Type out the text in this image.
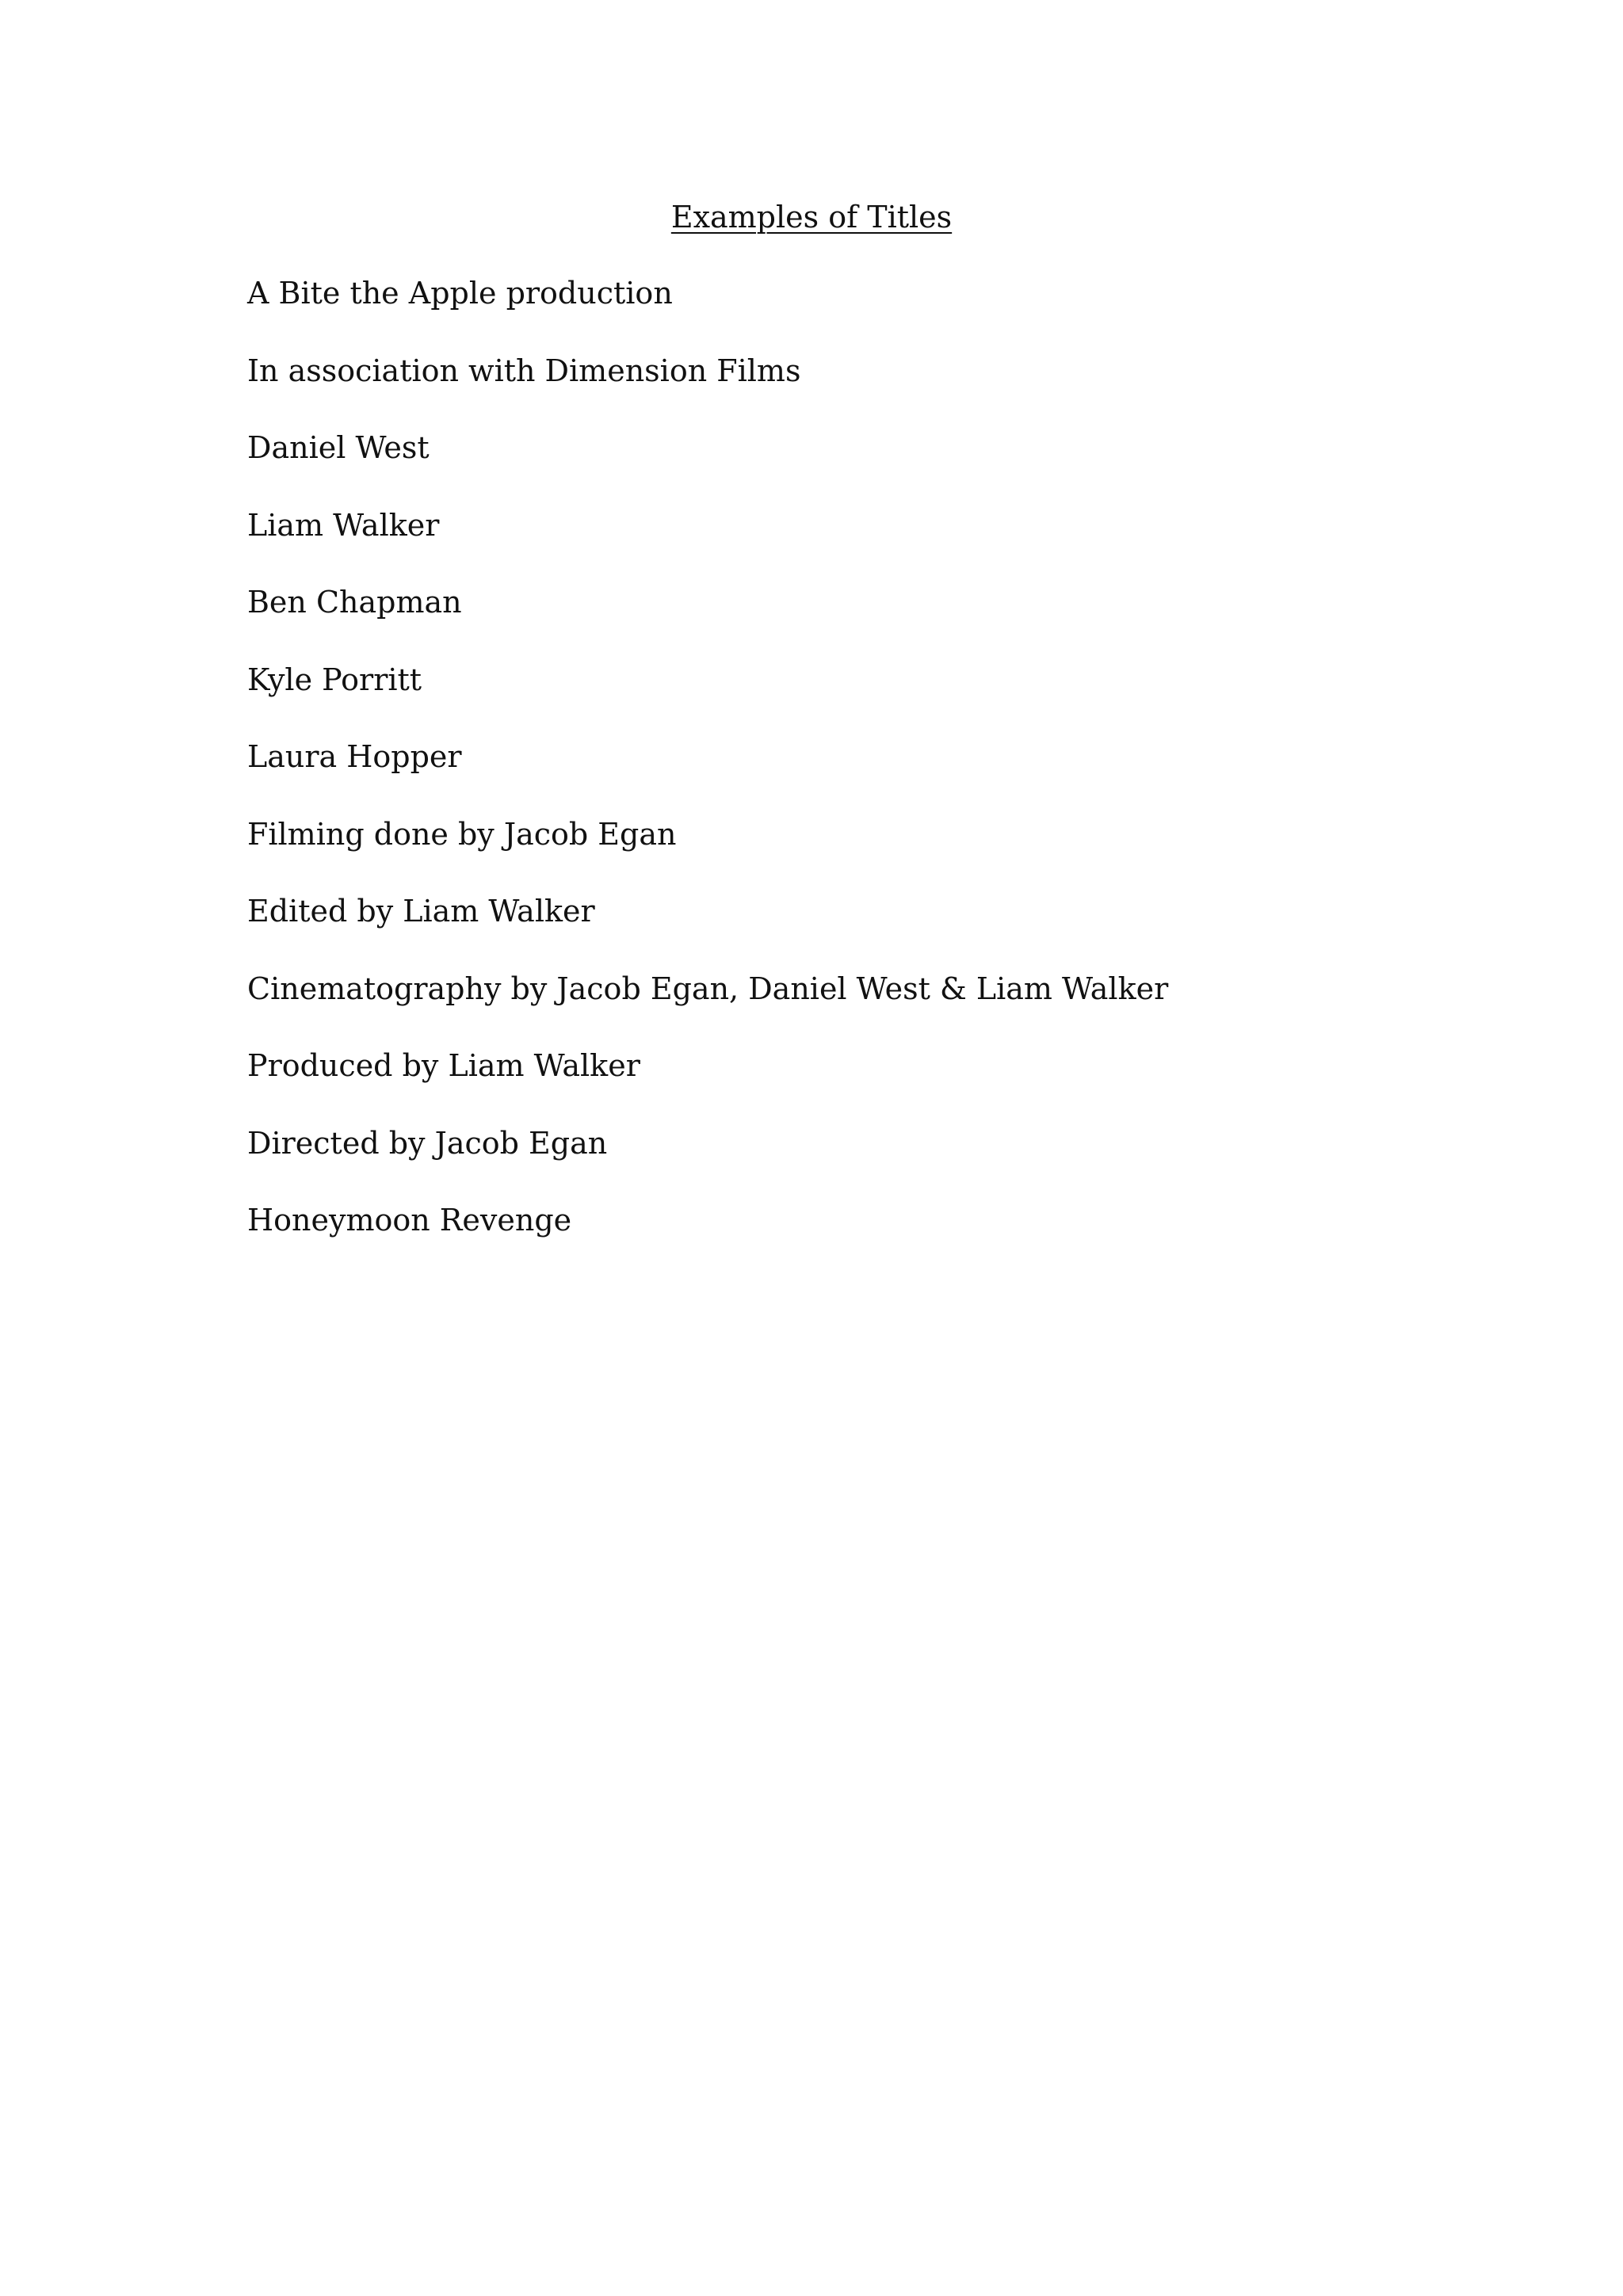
Examples of Titles
A Bite the Apple production
In association with Dimension Films
Daniel West
Liam Walker
Ben Chapman
Kyle Porritt
Laura Hopper
Filming done by Jacob Egan
Edited by Liam Walker
Cinematography by Jacob Egan, Daniel West & Liam Walker
Produced by Liam Walker
Directed by Jacob Egan
Honeymoon Revenge
